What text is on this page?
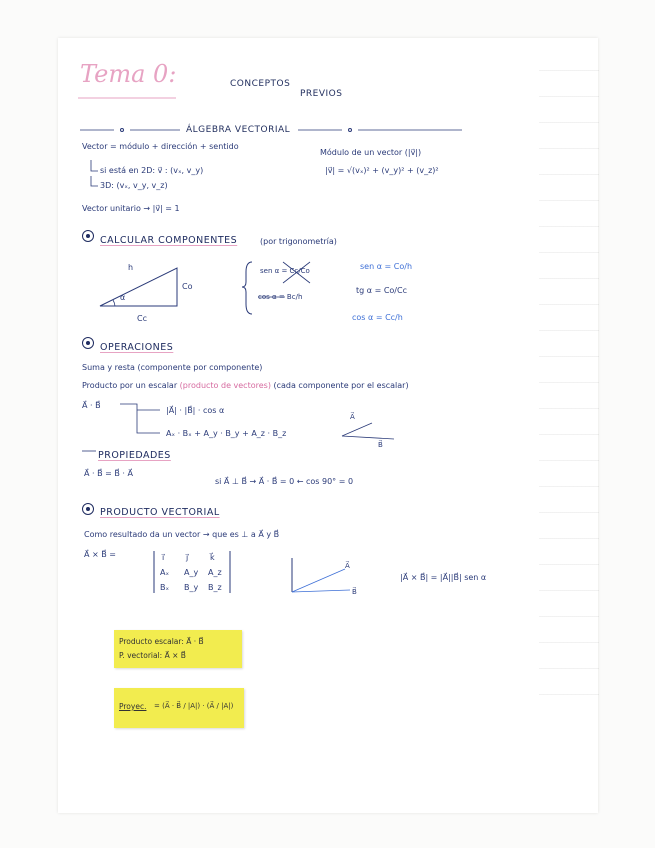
Tema 0:	CONCEPTOS
PREVIOS
ÁLGEBRA VECTORIAL
Vector = módulo + dirección + sentido
si está en 2D: v⃗ : (vₓ, v_y)
3D: (vₓ, v_y, v_z)
Módulo de un vector (|v⃗|)
|v⃗| = √(vₓ)² + (v_y)² + (v_z)²
Vector unitario → |v⃗| = 1
CALCULAR COMPONENTES	(por trigonometría)
h
Co
Cc
α
sen α = Cc/Co
cos α = Bc/h
sen α = Co/h
tg α = Co/Cc
cos α = Cc/h
OPERACIONES
Suma y resta (componente por componente)
Producto por un escalar (producto de vectores) (cada componente por el escalar)
A⃗ · B⃗
|A⃗| · |B⃗| · cos α
Aₓ · Bₓ + A_y · B_y + A_z · B_z
A⃗
B⃗
PROPIEDADES
A⃗ · B⃗ = B⃗ · A⃗
si A⃗ ⊥ B⃗ → A⃗ · B⃗ = 0 ← cos 90° = 0
PRODUCTO VECTORIAL
Como resultado da un vector → que es ⊥ a A⃗ y B⃗
A⃗ × B⃗ =	i⃗	j⃗	k⃗
Aₓ A_y A_z
Bₓ B_y B_z
A⃗
B⃗
|A⃗ × B⃗| = |A⃗||B⃗| sen α
Producto escalar: A⃗ · B⃗
P. vectorial: A⃗ × B⃗
Proyec. = (A⃗ · B⃗ / |A|) · (A⃗ / |A|)
